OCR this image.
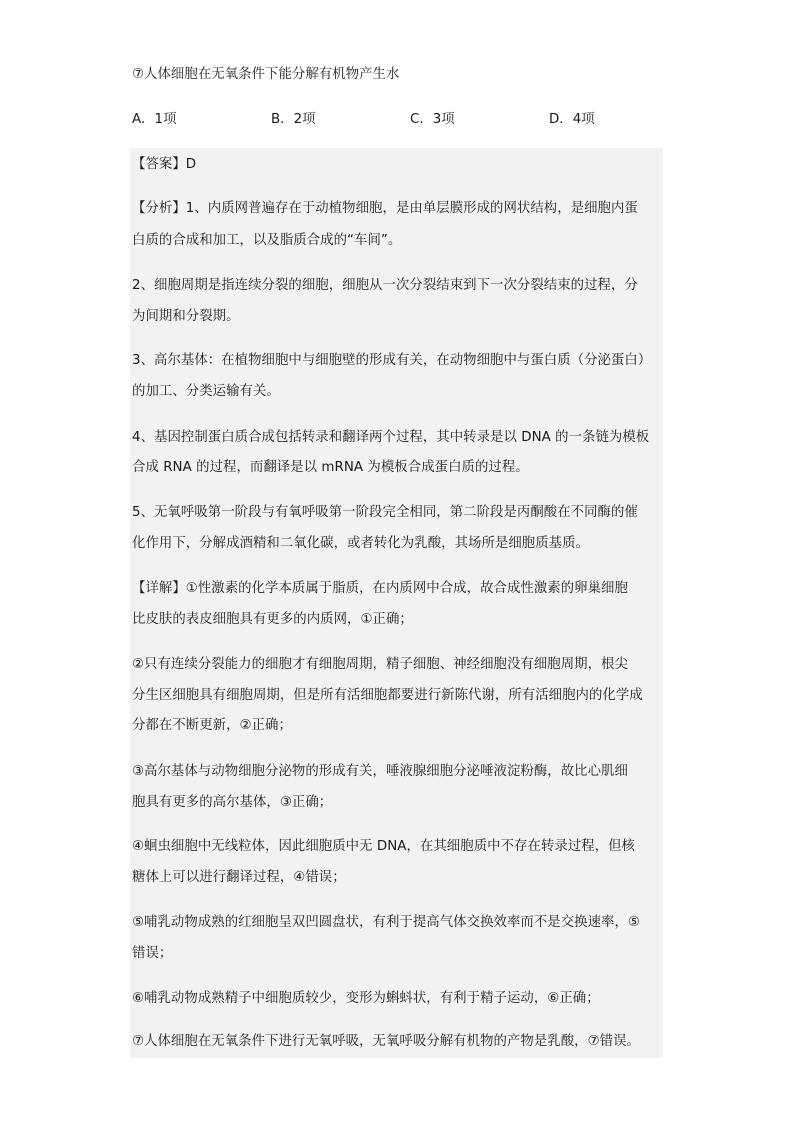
⑦人体细胞在无氧条件下能分解有机物产生水
A．1项	B．2项	C．3项	D．4项
【答案】D
【分析】1、内质网普遍存在于动植物细胞，是由单层膜形成的网状结构，是细胞内蛋
白质的合成和加工，以及脂质合成的“车间”。
2、细胞周期是指连续分裂的细胞，细胞从一次分裂结束到下一次分裂结束的过程，分
为间期和分裂期。
3、高尔基体：在植物细胞中与细胞壁的形成有关，在动物细胞中与蛋白质（分泌蛋白）
的加工、分类运输有关。
4、基因控制蛋白质合成包括转录和翻译两个过程，其中转录是以 DNA 的一条链为模板
合成 RNA 的过程，而翻译是以 mRNA 为模板合成蛋白质的过程。
5、无氧呼吸第一阶段与有氧呼吸第一阶段完全相同，第二阶段是丙酮酸在不同酶的催
化作用下，分解成酒精和二氧化碳，或者转化为乳酸，其场所是细胞质基质。
【详解】①性激素的化学本质属于脂质，在内质网中合成，故合成性激素的卵巢细胞
比皮肤的表皮细胞具有更多的内质网，①正确；
②只有连续分裂能力的细胞才有细胞周期，精子细胞、神经细胞没有细胞周期，根尖
分生区细胞具有细胞周期，但是所有活细胞都要进行新陈代谢，所有活细胞内的化学成
分都在不断更新，②正确；
③高尔基体与动物细胞分泌物的形成有关，唾液腺细胞分泌唾液淀粉酶，故比心肌细
胞具有更多的高尔基体，③正确；
④蛔虫细胞中无线粒体，因此细胞质中无 DNA，在其细胞质中不存在转录过程，但核
糖体上可以进行翻译过程，④错误；
⑤哺乳动物成熟的红细胞呈双凹圆盘状，有利于提高气体交换效率而不是交换速率，⑤
错误；
⑥哺乳动物成熟精子中细胞质较少，变形为蝌蚪状，有利于精子运动，⑥正确；
⑦人体细胞在无氧条件下进行无氧呼吸，无氧呼吸分解有机物的产物是乳酸，⑦错误。
